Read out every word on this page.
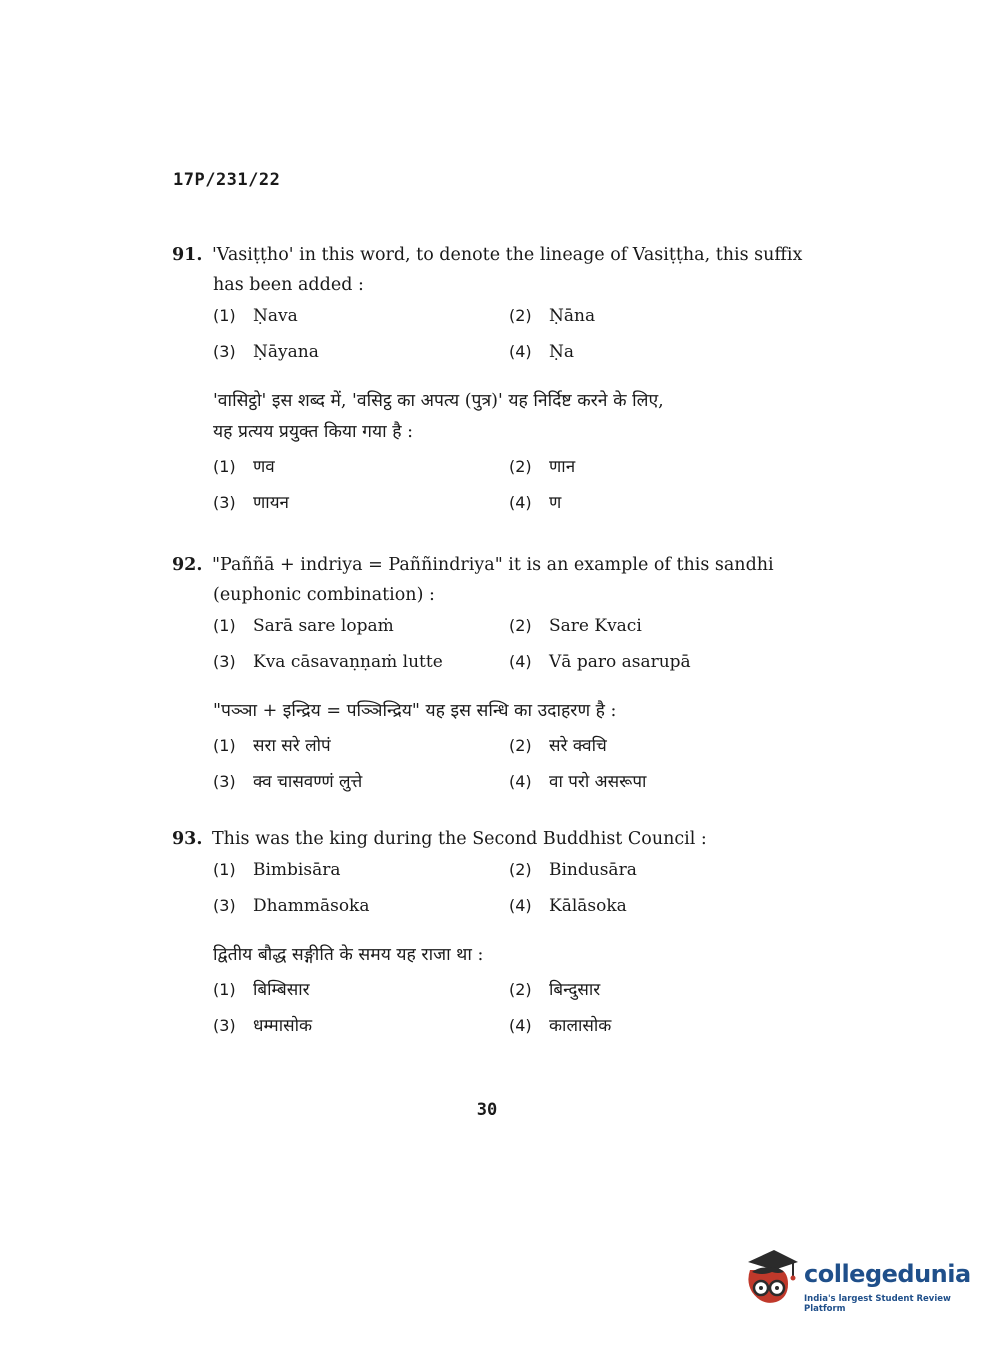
17P/231/22
91. 'Vasiṭṭho' in this word, to denote the lineage of Vasiṭṭha, this suffix
has been added :
(1) Ṇava	(2) Ṇāna
(3) Ṇāyana	(4) Ṇa
'वासिट्ठो' इस शब्द में, 'वसिट्ठ का अपत्य (पुत्र)' यह निर्दिष्ट करने के लिए,
यह प्रत्यय प्रयुक्त किया गया है :
(1) णव	(2) णान
(3) णायन	(4) ण
92. "Paññā + indriya = Paññindriya" it is an example of this sandhi
(euphonic combination) :
(1) Sarā sare lopaṁ	(2) Sare Kvaci
(3) Kva cāsavaṇṇaṁ lutte	(4) Vā paro asarupā
"पञ्ञा + इन्द्रिय = पञ्ञिन्द्रिय" यह इस सन्धि का उदाहरण है :
(1) सरा सरे लोपं	(2) सरे क्वचि
(3) क्व चासवण्णं लुत्ते	(4) वा परो असरूपा
93. This was the king during the Second Buddhist Council :
(1) Bimbisāra	(2) Bindusāra
(3) Dhammāsoka	(4) Kālāsoka
द्वितीय बौद्ध सङ्गीति के समय यह राजा था :
(1) बिम्बिसार	(2) बिन्दुसार
(3) धम्मासोक	(4) कालासोक
30
collegedunia
India's largest Student Review Platform
